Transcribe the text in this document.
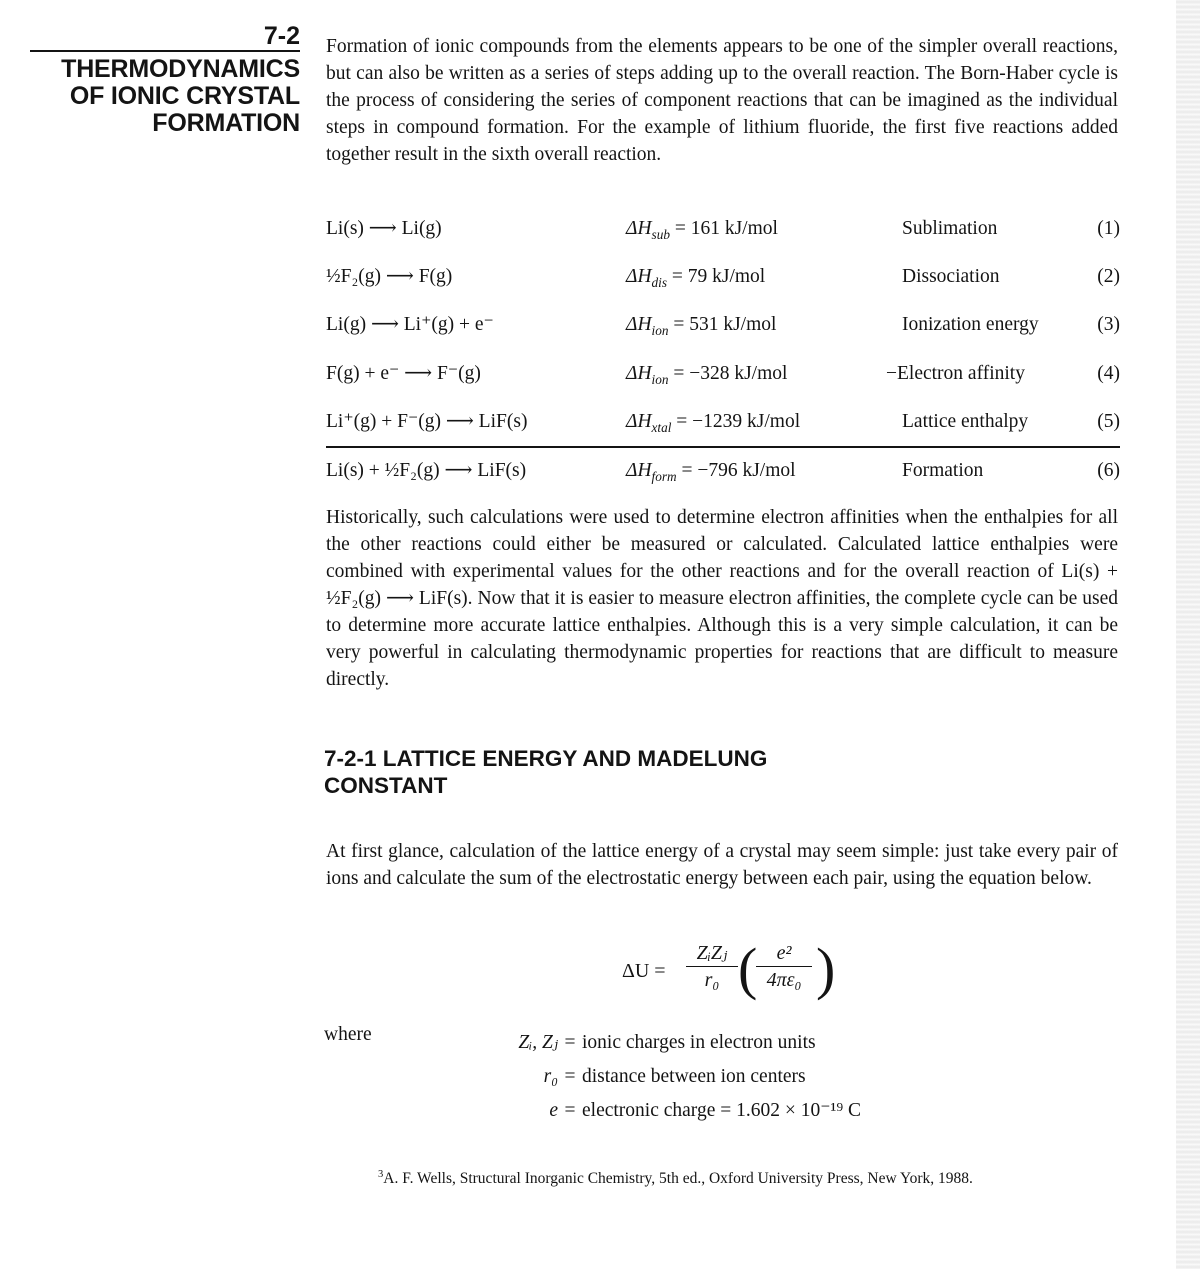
7-2
THERMODYNAMICS
OF IONIC CRYSTAL
FORMATION

Formation of ionic compounds from the elements appears to be one of the simpler overall reactions, but can also be written as a series of steps adding up to the overall reaction. The Born-Haber cycle is the process of considering the series of component reactions that can be imagined as the individual steps in compound formation. For the example of lithium fluoride, the first five reactions added together result in the sixth overall reaction.

Li(s) ⟶ Li(g)	$\Delta H_{sub} = 161$ kJ/mol	Sublimation	(1)
½F₂(g) ⟶ F(g)	$\Delta H_{dis} = 79$ kJ/mol	Dissociation	(2)
Li(g) ⟶ Li⁺(g) + e⁻	$\Delta H_{ion} = 531$ kJ/mol	Ionization energy	(3)
F(g) + e⁻ ⟶ F⁻(g)	$\Delta H_{ion} = -328$ kJ/mol	−Electron affinity	(4)
Li⁺(g) + F⁻(g) ⟶ LiF(s)	$\Delta H_{xtal} = -1239$ kJ/mol	Lattice enthalpy	(5)
Li(s) + ½F₂(g) ⟶ LiF(s)	$\Delta H_{form} = -796$ kJ/mol	Formation	(6)

Historically, such calculations were used to determine electron affinities when the enthalpies for all the other reactions could either be measured or calculated. Calculated lattice enthalpies were combined with experimental values for the other reactions and for the overall reaction of Li(s) + ½F₂(g) ⟶ LiF(s). Now that it is easier to measure electron affinities, the complete cycle can be used to determine more accurate lattice enthalpies. Although this is a very simple calculation, it can be very powerful in calculating thermodynamic properties for reactions that are difficult to measure directly.

7-2-1 LATTICE ENERGY AND MADELUNG
CONSTANT

At first glance, calculation of the lattice energy of a crystal may seem simple: just take every pair of ions and calculate the sum of the electrostatic energy between each pair, using the equation below.

ΔU =
ZᵢZⱼ
r₀ (
$\frac{\text{e²}}{\text{4πε₀}}$ )
where	Zᵢ, Zⱼ = ionic charges in electron units
r₀ = distance between ion centers
e = electronic charge = 1.602 × 10⁻¹⁹ C
$^3$A. F. Wells, Structural Inorganic Chemistry, 5th ed., Oxford University Press, New York, 1988.
